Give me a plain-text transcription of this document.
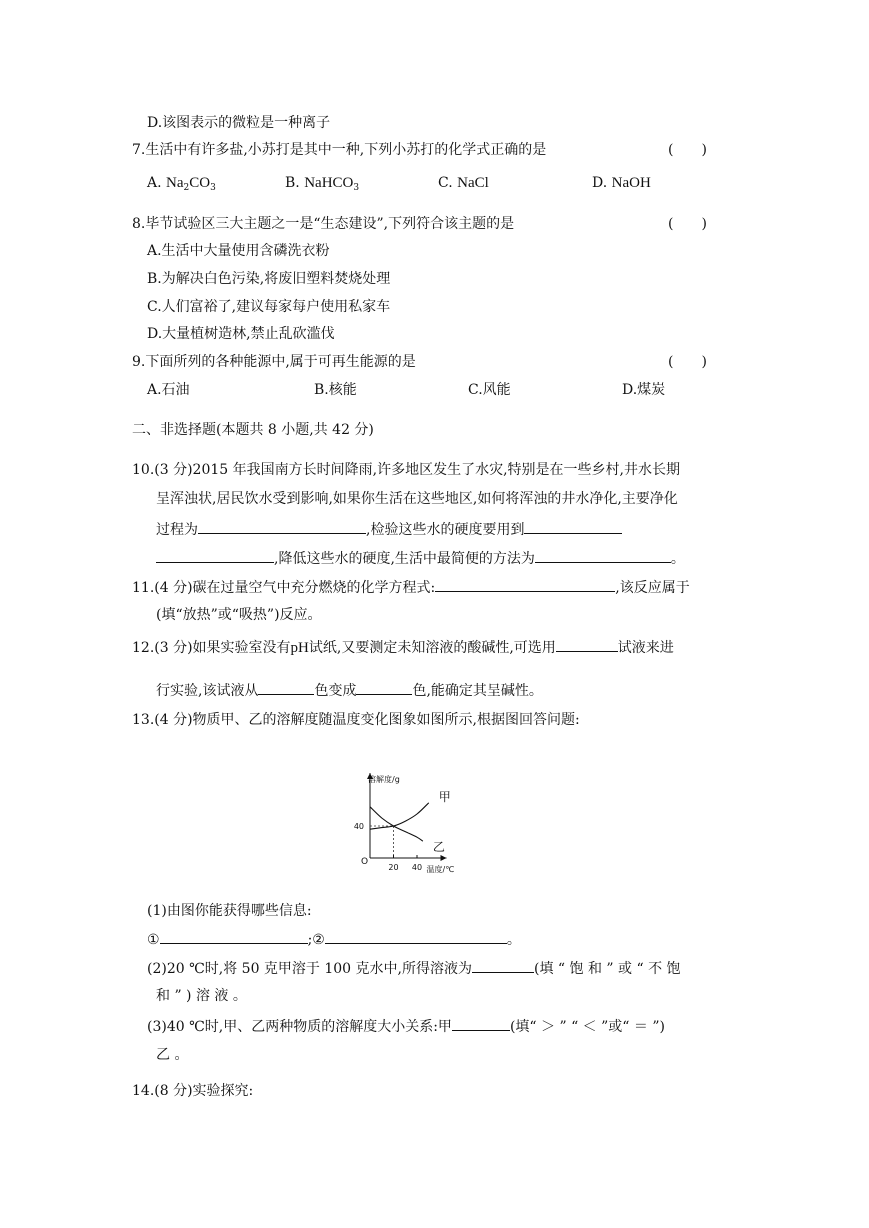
D.该图表示的微粒是一种离子
7.生活中有许多盐,小苏打是其中一种,下列小苏打的化学式正确的是	(　　)
A. $Na_2CO_3$	B. NaHCO$_3$	C. NaCl	D. NaOH
8.毕节试验区三大主题之一是“生态建设”,下列符合该主题的是	(　　)
A.生活中大量使用含磷洗衣粉
B.为解决白色污染,将废旧塑料焚烧处理
C.人们富裕了,建议每家每户使用私家车
D.大量植树造林,禁止乱砍滥伐
9.下面所列的各种能源中,属于可再生能源的是	(　　)
A.石油	B.核能	C.风能	D.煤炭
二、非选择题(本题共 8 小题,共 42 分)
10.(3 分)2015 年我国南方长时间降雨,许多地区发生了水灾,特别是在一些乡村,井水长期
呈浑浊状,居民饮水受到影响,如果你生活在这些地区,如何将浑浊的井水净化,主要净化
过程为	,检验这些水的硬度要用到
,降低这些水的硬度,生活中最简便的方法为	。
11.(4 分)碳在过量空气中充分燃烧的化学方程式:	,该反应属于
(填“放热”或“吸热”)反应。
12.(3 分)如果实验室没有pH试纸,又要测定未知溶液的酸碱性,可选用	试液来进
行实验,该试液从	色变成	色,能确定其呈碱性。
13.(4 分)物质甲、乙的溶解度随温度变化图象如图所示,根据图回答问题:
20 40
40
甲
乙
溶解度/g
温度/℃
O
(1)由图你能获得哪些信息:
①	;②	。
(2)20 ℃时,将 50 克甲溶于 100 克水中,所得溶液为	(填 “ 饱 和 ” 或 “ 不 饱
和 ” ) 溶 液 。
(3)40 ℃时,甲、乙两种物质的溶解度大小关系:甲	(填“ ＞ ” “ ＜ ”或“ ＝ ”)
乙 。
14.(8 分)实验探究:
